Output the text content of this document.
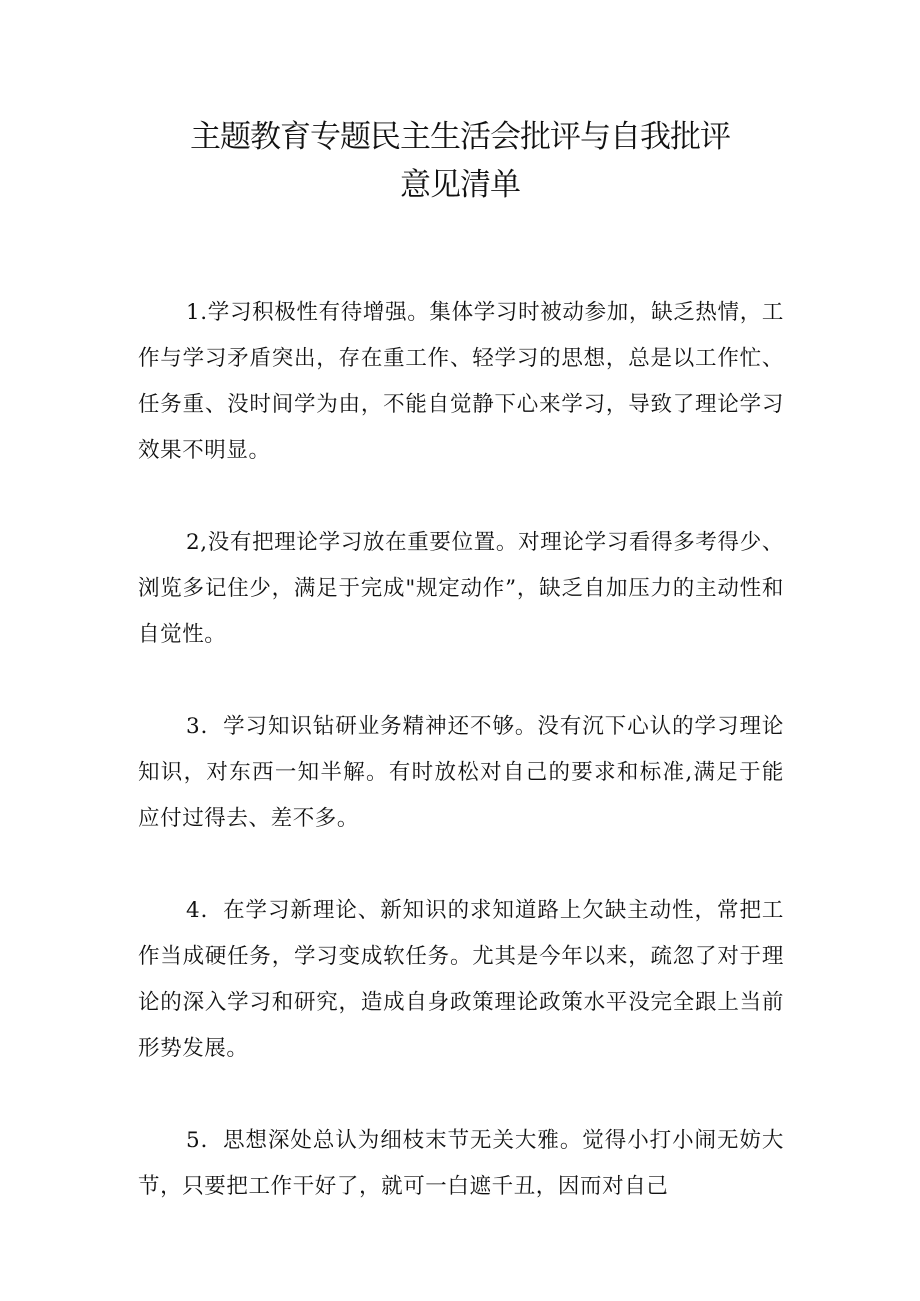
主题教育专题民主生活会批评与自我批评
意见清单

1.学习积极性有待增强。集体学习时被动参加，缺乏热情，工作与学习矛盾突出，存在重工作、轻学习的思想，总是以工作忙、任务重、没时间学为由，不能自觉静下心来学习，导致了理论学习效果不明显。

2,没有把理论学习放在重要位置。对理论学习看得多考得少、浏览多记住少，满足于完成"规定动作”，缺乏自加压力的主动性和自觉性。

3．学习知识钻研业务精神还不够。没有沉下心认的学习理论知识，对东西一知半解。有时放松对自己的要求和标准,满足于能应付过得去、差不多。

4．在学习新理论、新知识的求知道路上欠缺主动性，常把工作当成硬任务，学习变成软任务。尤其是今年以来，疏忽了对于理论的深入学习和研究，造成自身政策理论政策水平没完全跟上当前形势发展。

5．思想深处总认为细枝末节无关大雅。觉得小打小闹无妨大节，只要把工作干好了，就可一白遮千丑，因而对自己
